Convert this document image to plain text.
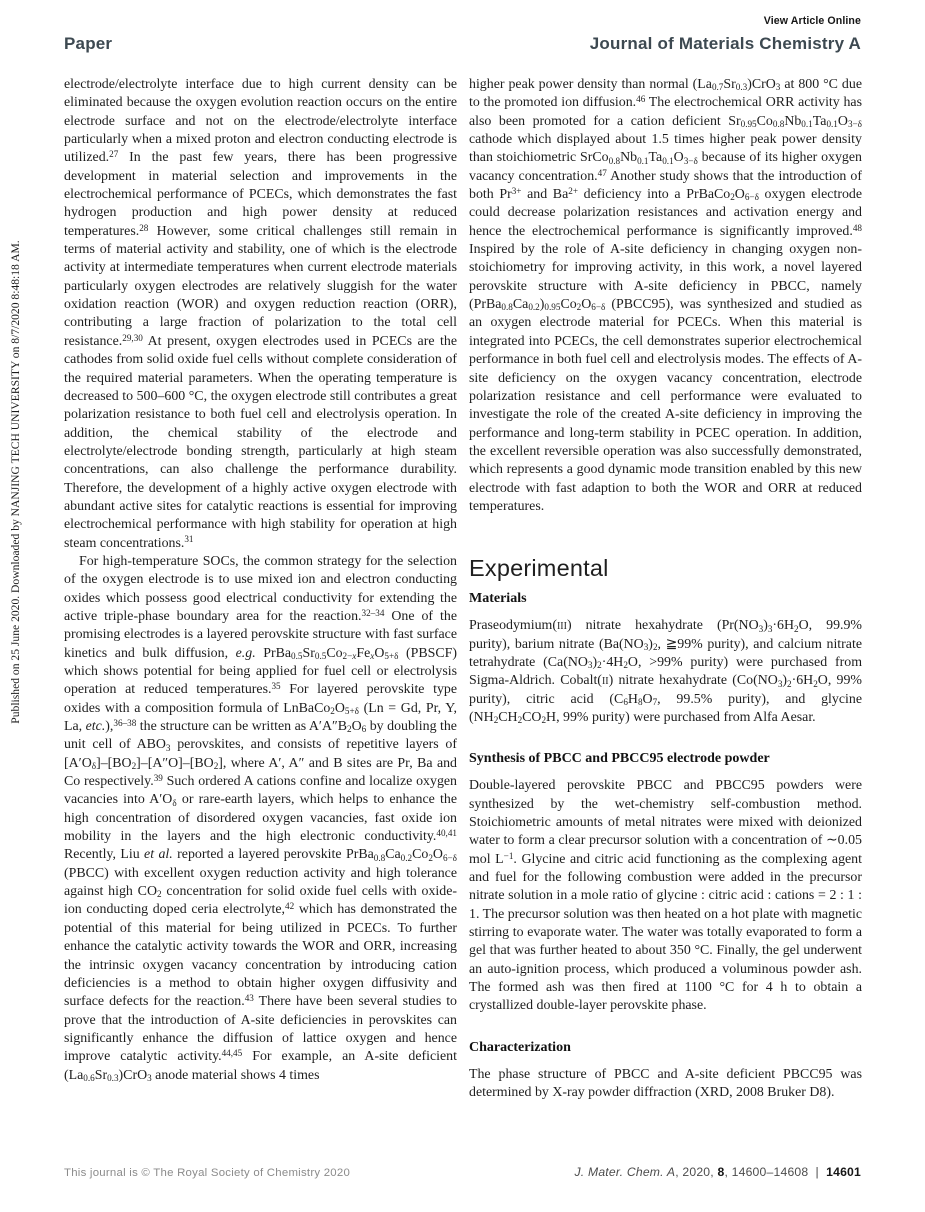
Published on 25 June 2020. Downloaded by NANJING TECH UNIVERSITY on 8/7/2020 8:48:18 AM.
View Article Online
Paper	Journal of Materials Chemistry A

electrode/electrolyte interface due to high current density can be eliminated because the oxygen evolution reaction occurs on the entire electrode surface and not on the electrode/electrolyte interface particularly when a mixed proton and electron conducting electrode is utilized.$^{27}$ In the past few years, there has been progressive development in material selection and improvements in the electrochemical performance of PCECs, which demonstrates the fast hydrogen production and high power density at reduced temperatures.$^{28}$ However, some critical challenges still remain in terms of material activity and stability, one of which is the electrode activity at intermediate temperatures when current electrode materials particularly oxygen electrodes are relatively sluggish for the water oxidation reaction (WOR) and oxygen reduction reaction (ORR), contributing a large fraction of polarization to the total cell resistance.$^{29,30}$ At present, oxygen electrodes used in PCECs are the cathodes from solid oxide fuel cells without complete consideration of the required material parameters. When the operating temperature is decreased to 500–600 °C, the oxygen electrode still contributes a great polarization resistance to both fuel cell and electrolysis operation. In addition, the chemical stability of the electrode and electrolyte/electrode bonding strength, particularly at high steam concentrations, can also challenge the performance durability. Therefore, the development of a highly active oxygen electrode with abundant active sites for catalytic reactions is essential for improving electrochemical performance with high stability for operation at high steam concentrations.$^{31}$

For high-temperature SOCs, the common strategy for the selection of the oxygen electrode is to use mixed ion and electron conducting oxides which possess good electrical conductivity for extending the active triple-phase boundary area for the reaction.$^{32-34}$ One of the promising electrodes is a layered perovskite structure with fast surface kinetics and bulk diffusion, e.g. $PrBa_{0.5}Sr_{0.5}Co_{2-x}Fe_xO_{5+\delta}$ (PBSCF) which shows potential for being applied for fuel cell or electrolysis operation at reduced temperatures.$^{35}$ For layered perovskite type oxides with a composition formula of $LnBaCo_2O_{5+\delta}$ (Ln = Gd, Pr, Y, La, etc.),$^{36-38}$ the structure can be written as $A'A''B_2O_6$ by doubling the unit cell of $ABO_3$ perovskites, and consists of repetitive layers of $[A'O_\delta]-[BO_2]-[A''O]-[BO_2]$, where A′, A″ and B sites are Pr, Ba and Co respectively.$^{39}$ Such ordered A cations confine and localize oxygen vacancies into $A'O_\delta$ or rare-earth layers, which helps to enhance the high concentration of disordered oxygen vacancies, fast oxide ion mobility in the layers and the high electronic conductivity.$^{40,41}$ Recently, Liu et al. reported a layered perovskite $PrBa_{0.8}Ca_{0.2}Co_2O_{6-\delta}$ (PBCC) with excellent oxygen reduction activity and high tolerance against high $CO_2$ concentration for solid oxide fuel cells with oxide-ion conducting doped ceria electrolyte,$^{42}$ which has demonstrated the potential of this material for being utilized in PCECs. To further enhance the catalytic activity towards the WOR and ORR, increasing the intrinsic oxygen vacancy concentration by introducing cation deficiencies is a method to obtain higher oxygen diffusivity and surface defects for the reaction.$^{43}$ There have been several studies to prove that the introduction of A-site deficiencies in perovskites can significantly enhance the diffusion of lattice oxygen and hence improve catalytic activity.$^{44,45}$ For example, an A-site deficient $(La_{0.6}Sr_{0.3})CrO_3$ anode material shows 4 times

higher peak power density than normal $(La_{0.7}Sr_{0.3})CrO_3$ at 800 °C due to the promoted ion diffusion.$^{46}$ The electrochemical ORR activity has also been promoted for a cation deficient $Sr_{0.95}Co_{0.8}Nb_{0.1}Ta_{0.1}O_{3-\delta}$ cathode which displayed about 1.5 times higher peak power density than stoichiometric $SrCo_{0.8}Nb_{0.1}Ta_{0.1}O_{3-\delta}$ because of its higher oxygen vacancy concentration.$^{47}$ Another study shows that the introduction of both $Pr^{3+}$ and $Ba^{2+}$ deficiency into a $PrBaCo_2O_{6-\delta}$ oxygen electrode could decrease polarization resistances and activation energy and hence the electrochemical performance is significantly improved.$^{48}$ Inspired by the role of A-site deficiency in changing oxygen non-stoichiometry for improving activity, in this work, a novel layered perovskite structure with A-site deficiency in PBCC, namely $(PrBa_{0.8}Ca_{0.2})_{0.95}Co_2O_{6-\delta}$ (PBCC95), was synthesized and studied as an oxygen electrode material for PCECs. When this material is integrated into PCECs, the cell demonstrates superior electrochemical performance in both fuel cell and electrolysis modes. The effects of A-site deficiency on the oxygen vacancy concentration, electrode polarization resistance and cell performance were evaluated to investigate the role of the created A-site deficiency in improving the performance and long-term stability in PCEC operation. In addition, the excellent reversible operation was also successfully demonstrated, which represents a good dynamic mode transition enabled by this new electrode with fast adaption to both the WOR and ORR at reduced temperatures.

Experimental
Materials

Praseodymium(iii) nitrate hexahydrate ($Pr(NO_3)_3\cdot 6H_2O$, 99.9% purity), barium nitrate ($Ba(NO_3)_2$, ≧99% purity), and calcium nitrate tetrahydrate ($Ca(NO_3)_2\cdot 4H_2O$, >99% purity) were purchased from Sigma-Aldrich. Cobalt(ii) nitrate hexahydrate ($Co(NO_3)_2\cdot 6H_2O$, 99% purity), citric acid ($C_6H_8O_7$, 99.5% purity), and glycine ($NH_2CH_2CO_2H$, 99% purity) were purchased from Alfa Aesar.

Synthesis of PBCC and PBCC95 electrode powder

Double-layered perovskite PBCC and PBCC95 powders were synthesized by the wet-chemistry self-combustion method. Stoichiometric amounts of metal nitrates were mixed with deionized water to form a clear precursor solution with a concentration of ∼0.05 mol $L^{-1}$. Glycine and citric acid functioning as the complexing agent and fuel for the following combustion were added in the precursor nitrate solution in a mole ratio of glycine : citric acid : cations = 2 : 1 : 1. The precursor solution was then heated on a hot plate with magnetic stirring to evaporate water. The water was totally evaporated to form a gel that was further heated to about 350 °C. Finally, the gel underwent an auto-ignition process, which produced a voluminous powder ash. The formed ash was then fired at 1100 °C for 4 h to obtain a crystallized double-layer perovskite phase.

Characterization

The phase structure of PBCC and A-site deficient PBCC95 was determined by X-ray powder diffraction (XRD, 2008 Bruker D8).

This journal is © The Royal Society of Chemistry 2020	J. Mater. Chem. A, 2020, 8, 14600–14608  |  14601
